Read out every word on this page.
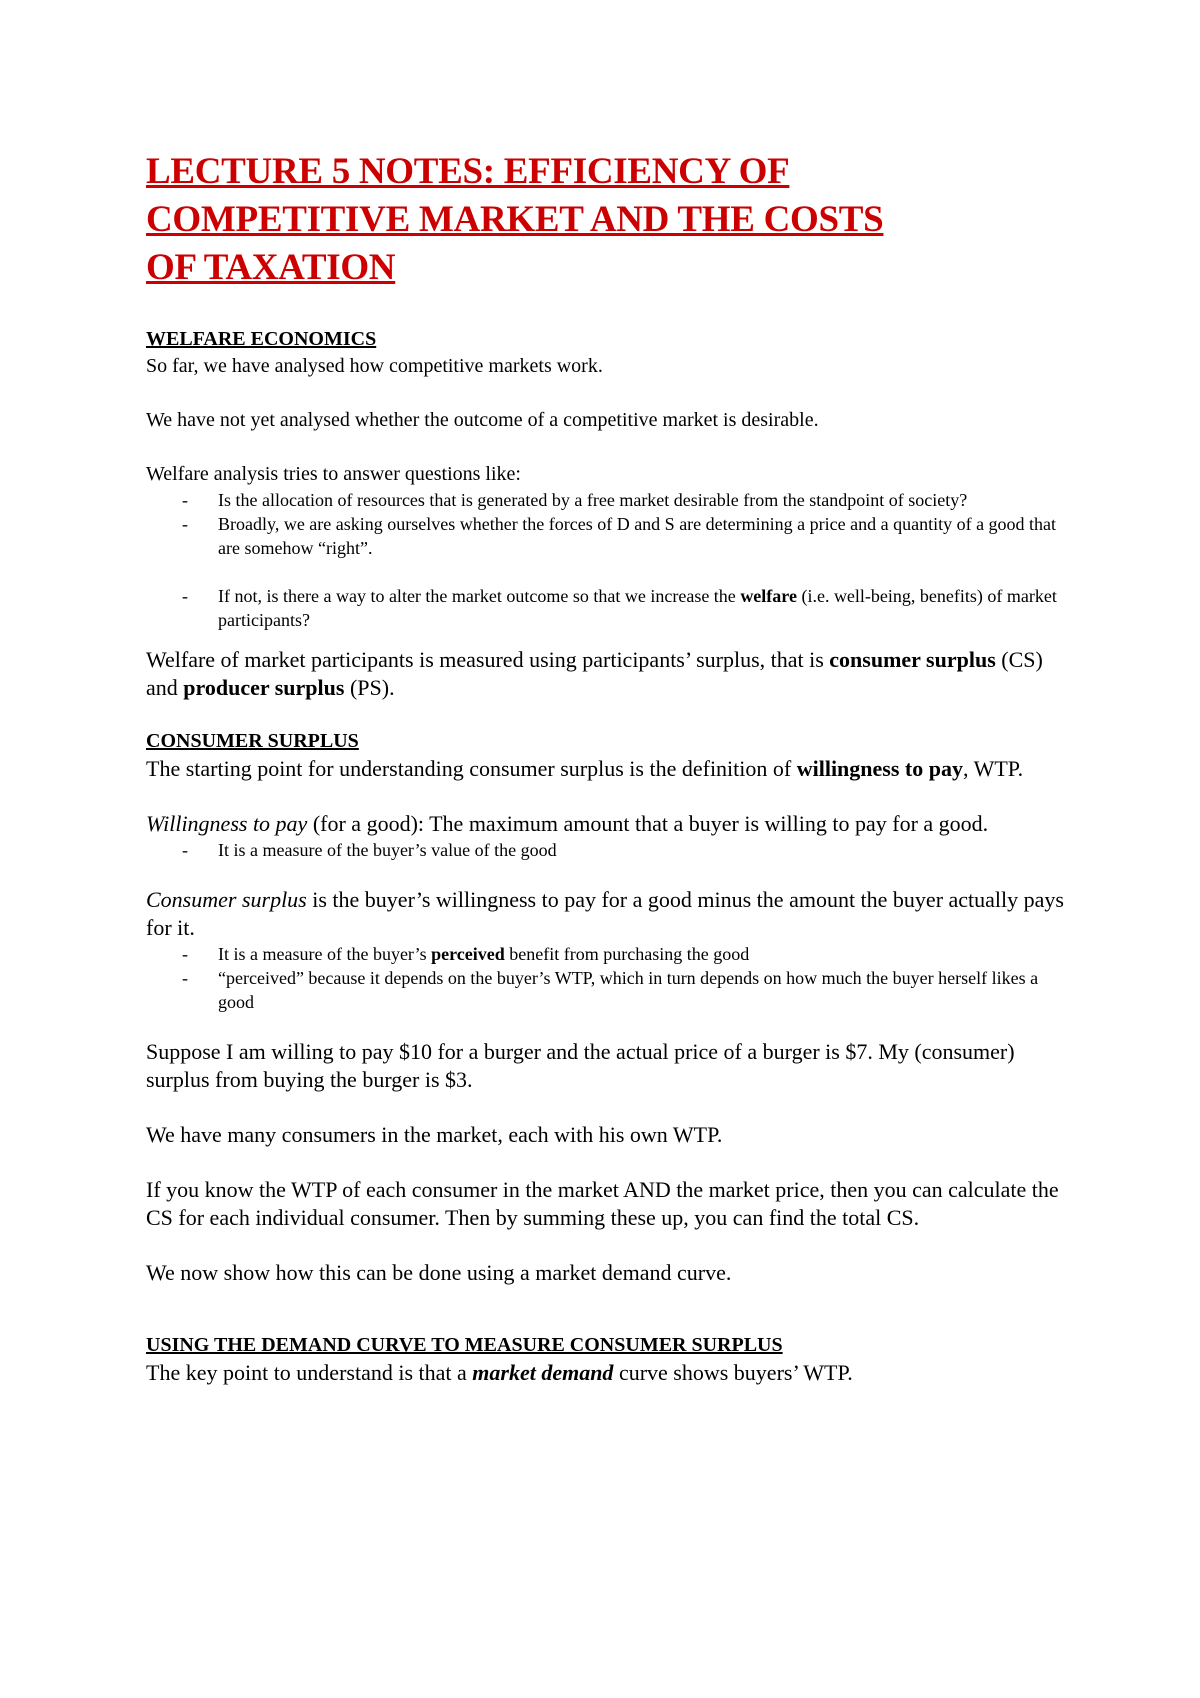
LECTURE 5 NOTES: EFFICIENCY OF
COMPETITIVE MARKET AND THE COSTS
OF TAXATION
WELFARE ECONOMICS

So far, we have analysed how competitive markets work.

We have not yet analysed whether the outcome of a competitive market is desirable.

Welfare analysis tries to answer questions like:

- Is the allocation of resources that is generated by a free market desirable from the standpoint of society?
- Broadly, we are asking ourselves whether the forces of D and S are determining a price and a quantity of a good that are somehow “right”.
- If not, is there a way to alter the market outcome so that we increase the welfare (i.e. well-being, benefits) of market participants?

Welfare of market participants is measured using participants’ surplus, that is consumer surplus (CS) and producer surplus (PS).

CONSUMER SURPLUS

The starting point for understanding consumer surplus is the definition of willingness to pay, WTP.

Willingness to pay (for a good): The maximum amount that a buyer is willing to pay for a good.

- It is a measure of the buyer’s value of the good

Consumer surplus is the buyer’s willingness to pay for a good minus the amount the buyer actually pays for it.

- It is a measure of the buyer’s perceived benefit from purchasing the good
- “perceived” because it depends on the buyer’s WTP, which in turn depends on how much the buyer herself likes a good

Suppose I am willing to pay $10 for a burger and the actual price of a burger is $7. My (consumer) surplus from buying the burger is $3.

We have many consumers in the market, each with his own WTP.

If you know the WTP of each consumer in the market AND the market price, then you can calculate the CS for each individual consumer. Then by summing these up, you can find the total CS.

We now show how this can be done using a market demand curve.

USING THE DEMAND CURVE TO MEASURE CONSUMER SURPLUS

The key point to understand is that a market demand curve shows buyers’ WTP.
